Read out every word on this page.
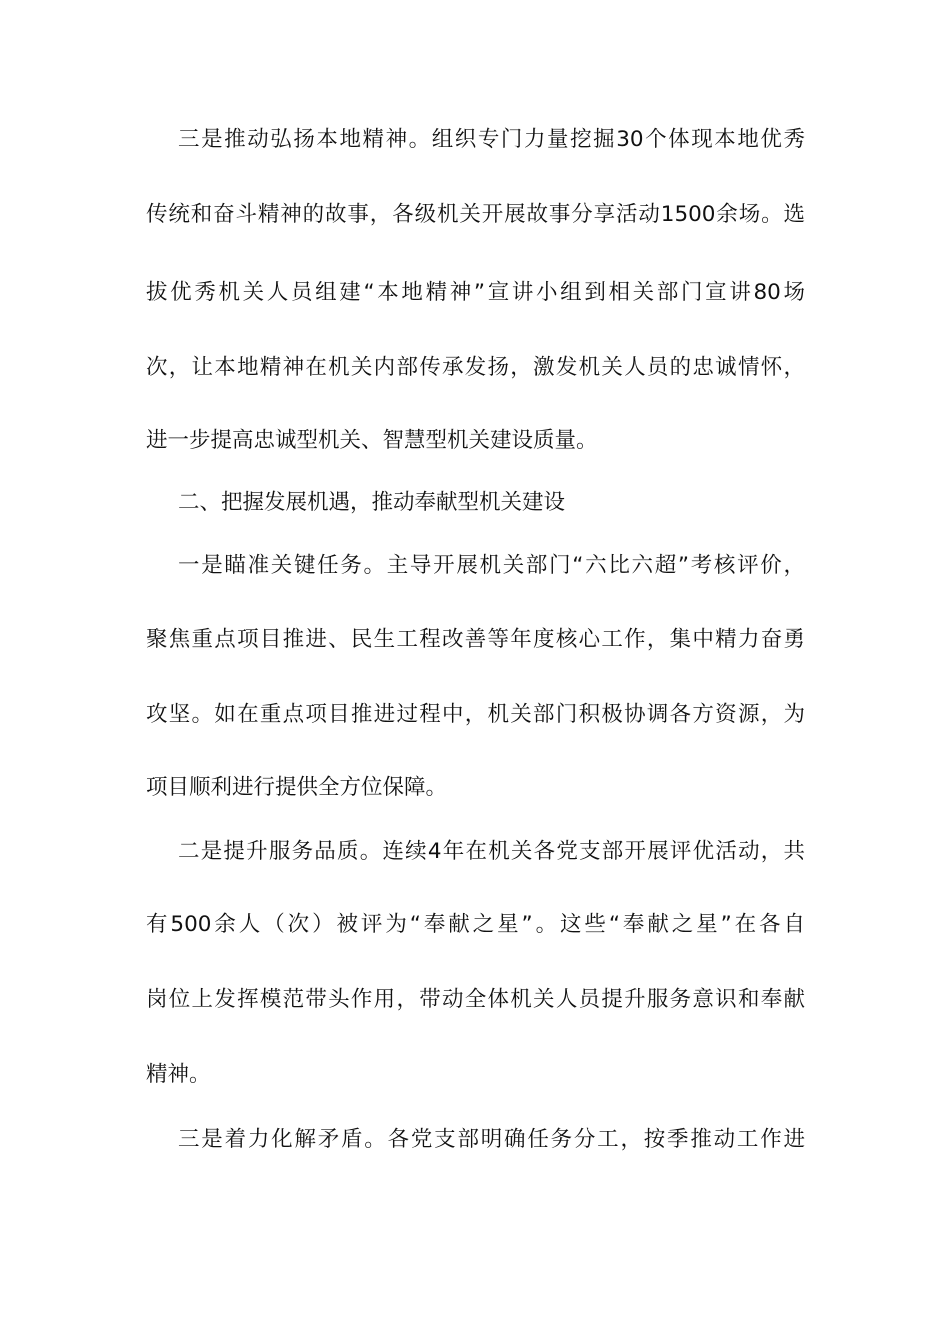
三是推动弘扬本地精神。组织专门力量挖掘30个体现本地优秀
传统和奋斗精神的故事，各级机关开展故事分享活动1500余场。选
拔优秀机关人员组建“本地精神”宣讲小组到相关部门宣讲80场
次，让本地精神在机关内部传承发扬，激发机关人员的忠诚情怀，
进一步提高忠诚型机关、智慧型机关建设质量。
二、把握发展机遇，推动奉献型机关建设
一是瞄准关键任务。主导开展机关部门“六比六超”考核评价，
聚焦重点项目推进、民生工程改善等年度核心工作，集中精力奋勇
攻坚。如在重点项目推进过程中，机关部门积极协调各方资源，为
项目顺利进行提供全方位保障。
二是提升服务品质。连续4年在机关各党支部开展评优活动，共
有500余人（次）被评为“奉献之星”。这些“奉献之星”在各自
岗位上发挥模范带头作用，带动全体机关人员提升服务意识和奉献
精神。
三是着力化解矛盾。各党支部明确任务分工，按季推动工作进
